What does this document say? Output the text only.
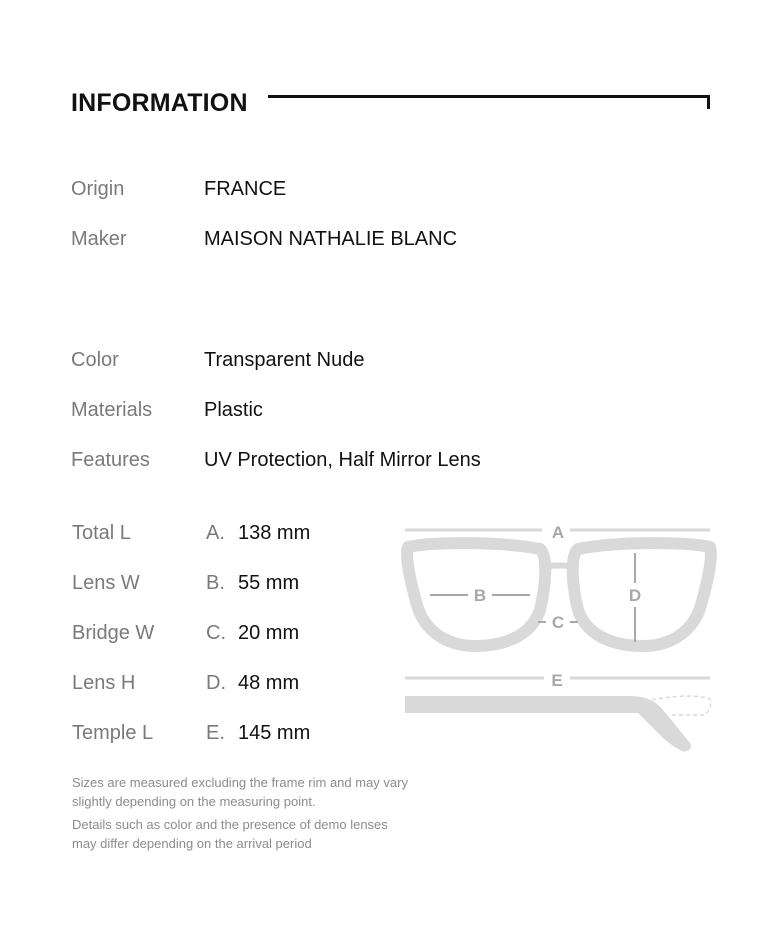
INFORMATION
Origin	FRANCE
Maker	MAISON NATHALIE BLANC
Color	Transparent Nude
Materials	Plastic
Features	UV Protection, Half Mirror Lens
Total L	A. 138 mm
Lens W	B. 55 mm
Bridge W	C. 20 mm
Lens H	D. 48 mm
Temple L	E. 145 mm
A
B
C
D
E
Sizes are measured excluding the frame rim and may vary slightly depending on the measuring point.
Details such as color and the presence of demo lenses may differ depending on the arrival period
